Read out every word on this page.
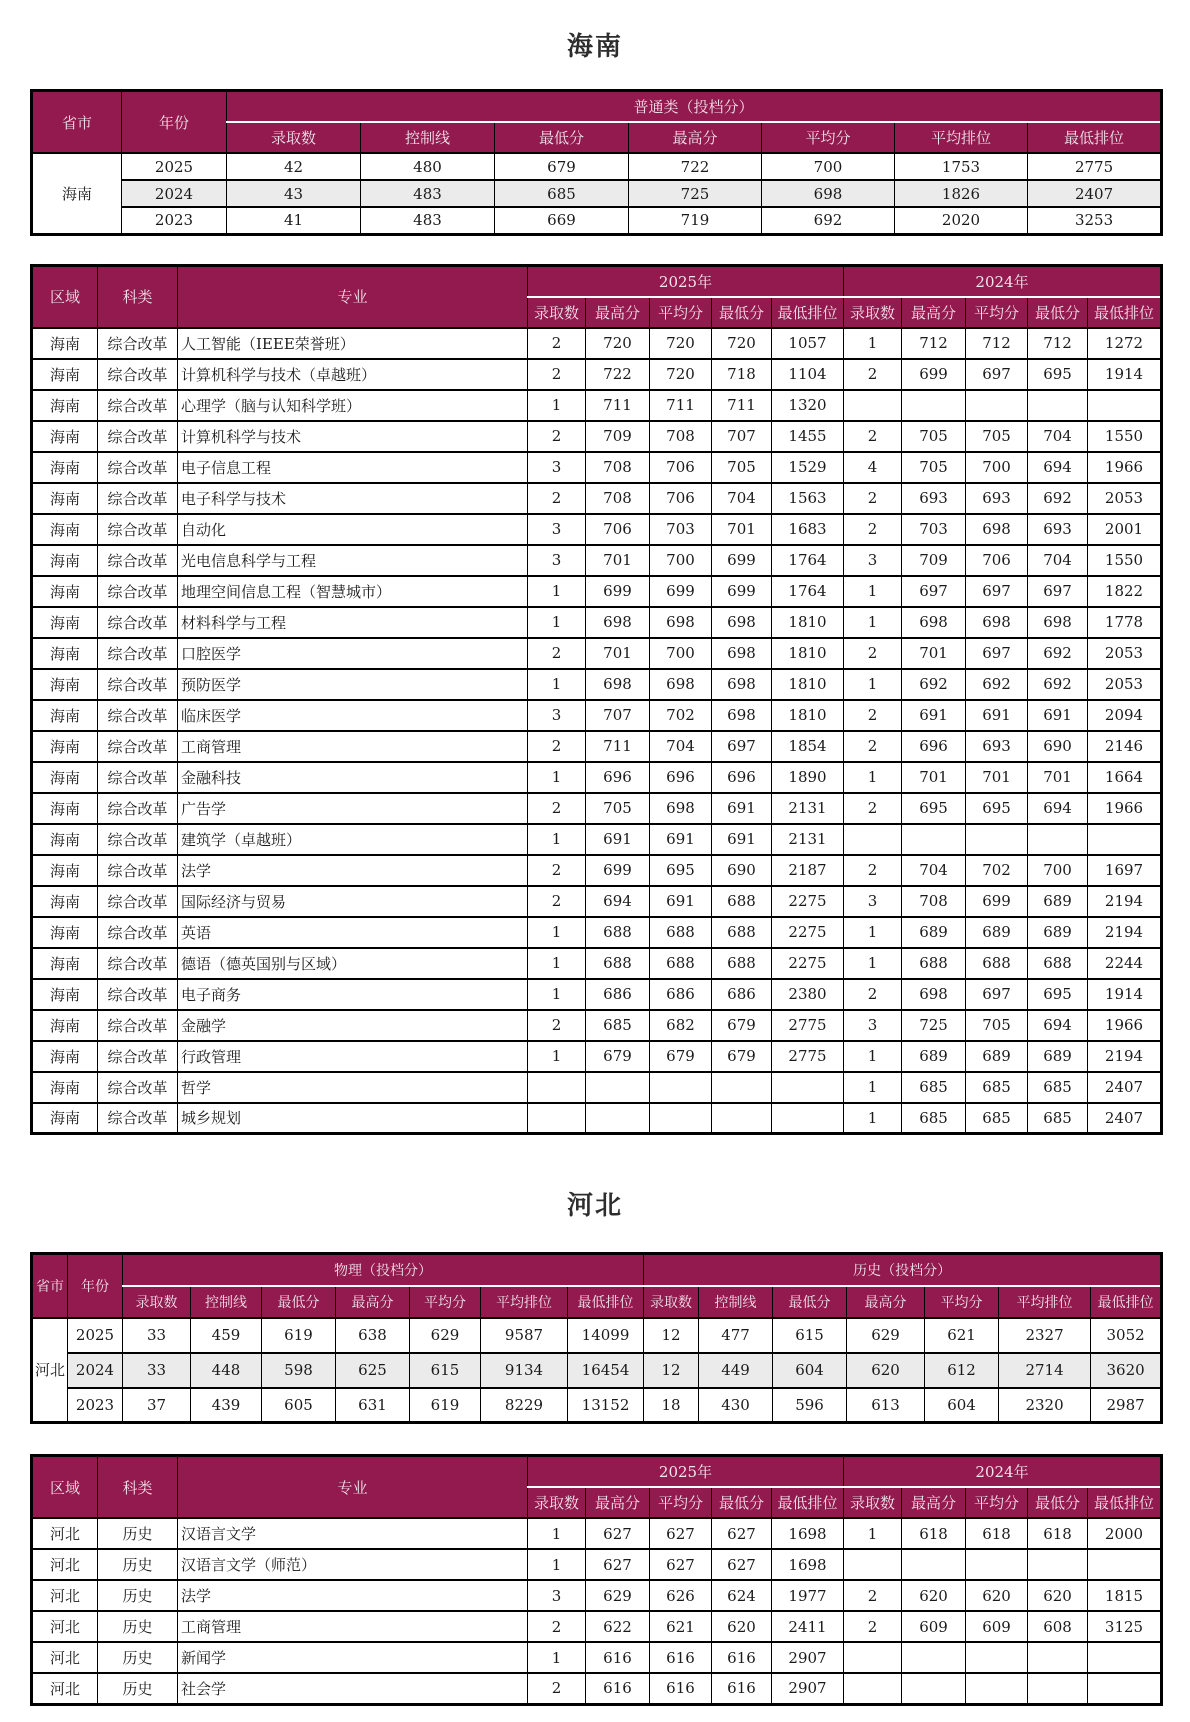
海南
省市	年份	普通类（投档分）						
		录取数	控制线	最低分	最高分	平均分	平均排位	最低排位
海南	2025	42	480	679	722	700	1753	2775
	2024	43	483	685	725	698	1826	2407
	2023	41	483	669	719	692	2020	3253
区域	科类	专业	2025年					2024年				
			录取数	最高分	平均分	最低分	最低排位	录取数	最高分	平均分	最低分	最低排位
海南	综合改革	人工智能（IEEE荣誉班）	2	720	720	720	1057	1	712	712	712	1272
海南	综合改革	计算机科学与技术（卓越班）	2	722	720	718	1104	2	699	697	695	1914
海南	综合改革	心理学（脑与认知科学班）	1	711	711	711	1320					
海南	综合改革	计算机科学与技术	2	709	708	707	1455	2	705	705	704	1550
海南	综合改革	电子信息工程	3	708	706	705	1529	4	705	700	694	1966
海南	综合改革	电子科学与技术	2	708	706	704	1563	2	693	693	692	2053
海南	综合改革	自动化	3	706	703	701	1683	2	703	698	693	2001
海南	综合改革	光电信息科学与工程	3	701	700	699	1764	3	709	706	704	1550
海南	综合改革	地理空间信息工程（智慧城市）	1	699	699	699	1764	1	697	697	697	1822
海南	综合改革	材料科学与工程	1	698	698	698	1810	1	698	698	698	1778
海南	综合改革	口腔医学	2	701	700	698	1810	2	701	697	692	2053
海南	综合改革	预防医学	1	698	698	698	1810	1	692	692	692	2053
海南	综合改革	临床医学	3	707	702	698	1810	2	691	691	691	2094
海南	综合改革	工商管理	2	711	704	697	1854	2	696	693	690	2146
海南	综合改革	金融科技	1	696	696	696	1890	1	701	701	701	1664
海南	综合改革	广告学	2	705	698	691	2131	2	695	695	694	1966
海南	综合改革	建筑学（卓越班）	1	691	691	691	2131					
海南	综合改革	法学	2	699	695	690	2187	2	704	702	700	1697
海南	综合改革	国际经济与贸易	2	694	691	688	2275	3	708	699	689	2194
海南	综合改革	英语	1	688	688	688	2275	1	689	689	689	2194
海南	综合改革	德语（德英国别与区域）	1	688	688	688	2275	1	688	688	688	2244
海南	综合改革	电子商务	1	686	686	686	2380	2	698	697	695	1914
海南	综合改革	金融学	2	685	682	679	2775	3	725	705	694	1966
海南	综合改革	行政管理	1	679	679	679	2775	1	689	689	689	2194
海南	综合改革	哲学						1	685	685	685	2407
海南	综合改革	城乡规划						1	685	685	685	2407
河北
省市	年份	物理（投档分）							历史（投档分）						
		录取数	控制线	最低分	最高分	平均分	平均排位	最低排位	录取数	控制线	最低分	最高分	平均分	平均排位	最低排位
河北	2025	33	459	619	638	629	9587	14099	12	477	615	629	621	2327	3052
	2024	33	448	598	625	615	9134	16454	12	449	604	620	612	2714	3620
	2023	37	439	605	631	619	8229	13152	18	430	596	613	604	2320	2987
区域	科类	专业	2025年					2024年				
			录取数	最高分	平均分	最低分	最低排位	录取数	最高分	平均分	最低分	最低排位
河北	历史	汉语言文学	1	627	627	627	1698	1	618	618	618	2000
河北	历史	汉语言文学（师范）	1	627	627	627	1698					
河北	历史	法学	3	629	626	624	1977	2	620	620	620	1815
河北	历史	工商管理	2	622	621	620	2411	2	609	609	608	3125
河北	历史	新闻学	1	616	616	616	2907					
河北	历史	社会学	2	616	616	616	2907					
